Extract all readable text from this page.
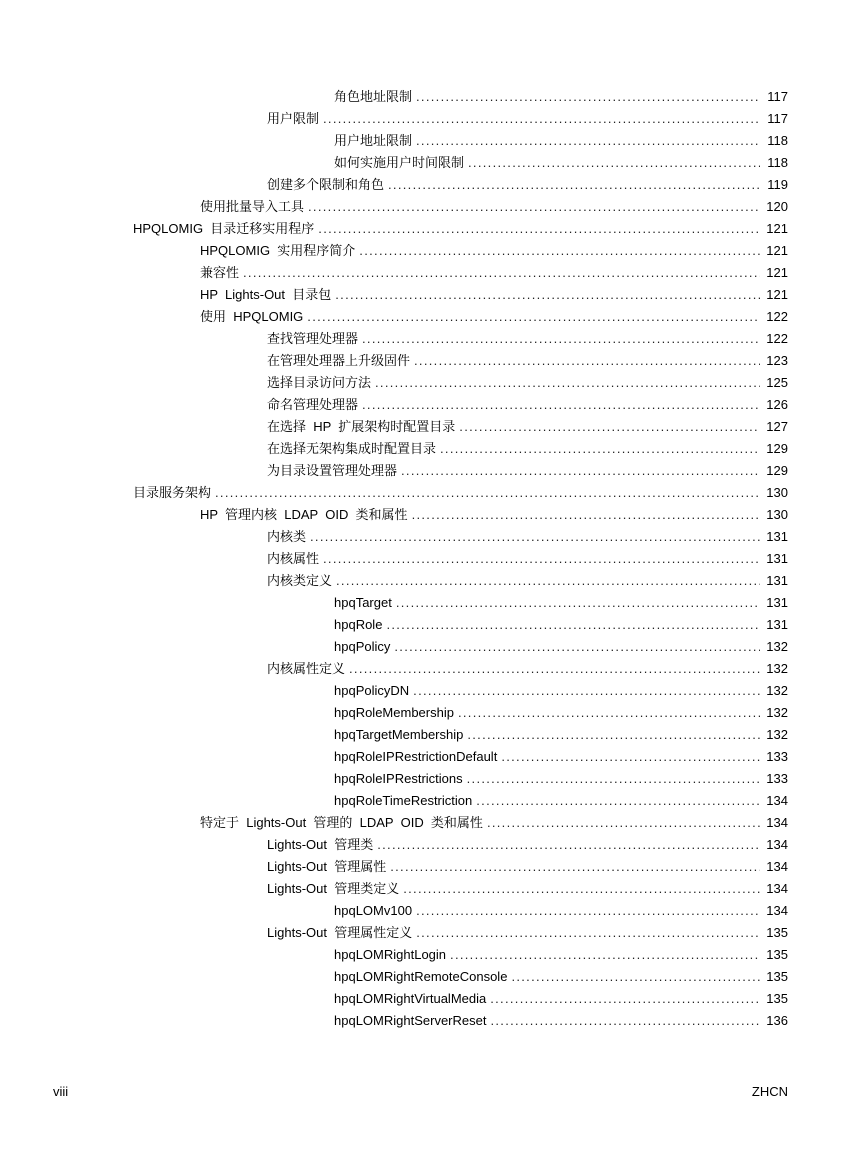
角色地址限制 .....	117
用户限制 .....	117
用户地址限制 .....	118
如何实施用户时间限制 .....	118
创建多个限制和角色 .....	119
使用批量导入工具 .....	120
HPQLOMIG  目录迁移实用程序 .....	121
HPQLOMIG  实用程序简介 .....	121
兼容性 .....	121
HP  Lights-Out  目录包 .....	121
使用  HPQLOMIG .....	122
查找管理处理器 .....	122
在管理处理器上升级固件 .....	123
选择目录访问方法 .....	125
命名管理处理器 .....	126
在选择  HP  扩展架构时配置目录 .....	127
在选择无架构集成时配置目录 .....	129
为目录设置管理处理器 .....	129
目录服务架构 .....	130
HP  管理内核  LDAP  OID  类和属性 .....	130
内核类 .....	131
内核属性 .....	131
内核类定义 .....	131
hpqTarget .....	131
hpqRole .....	131
hpqPolicy .....	132
内核属性定义 .....	132
hpqPolicyDN .....	132
hpqRoleMembership .....	132
hpqTargetMembership .....	132
hpqRoleIPRestrictionDefault .....	133
hpqRoleIPRestrictions .....	133
hpqRoleTimeRestriction .....	134
特定于  Lights-Out  管理的  LDAP  OID  类和属性 .....	134
Lights-Out  管理类 .....	134
Lights-Out  管理属性 .....	134
Lights-Out  管理类定义 .....	134
hpqLOMv100 .....	134
Lights-Out  管理属性定义 .....	135
hpqLOMRightLogin .....	135
hpqLOMRightRemoteConsole .....	135
hpqLOMRightVirtualMedia .....	135
hpqLOMRightServerReset .....	136
viii	ZHCN
